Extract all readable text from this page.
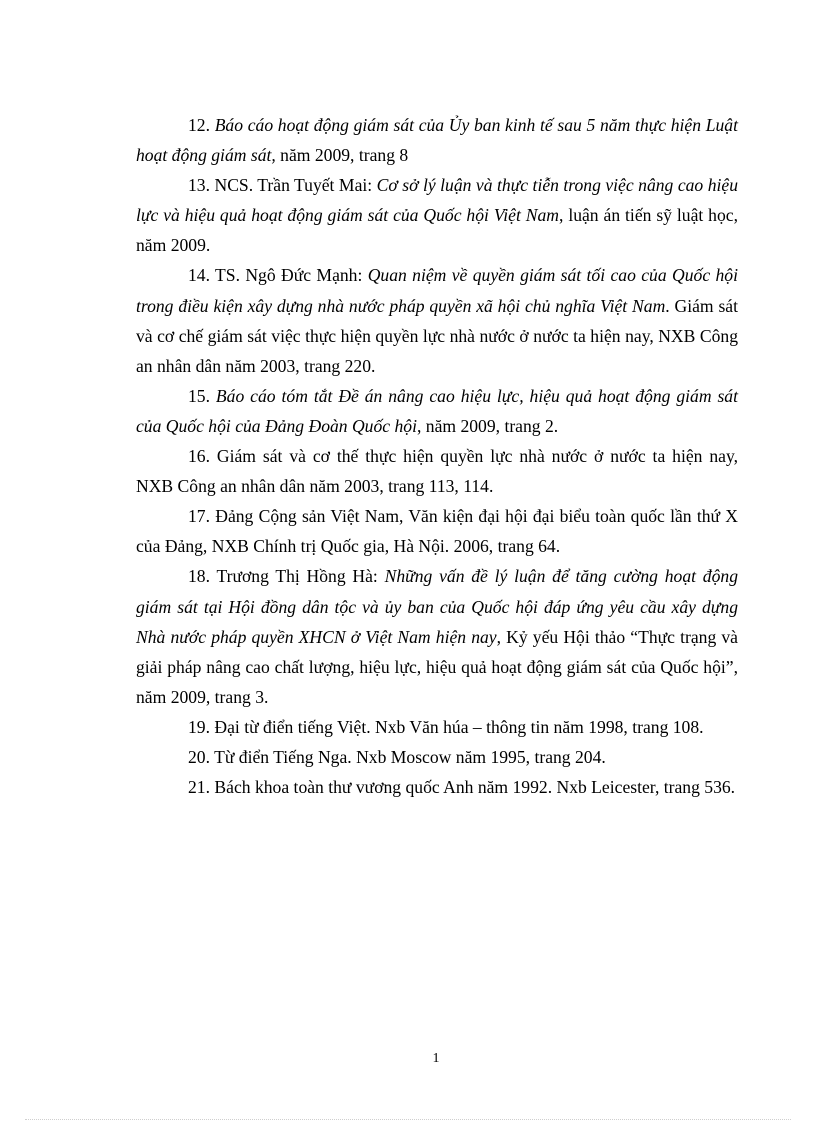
12. Báo cáo hoạt động giám sát của Ủy ban kinh tế sau 5 năm thực hiện Luật hoạt động giám sát, năm 2009, trang 8

13. NCS. Trần Tuyết Mai: Cơ sở lý luận và thực tiễn trong việc nâng cao hiệu lực và hiệu quả hoạt động giám sát của Quốc hội Việt Nam, luận án tiến sỹ luật học, năm 2009.

14. TS. Ngô Đức Mạnh: Quan niệm về quyền giám sát tối cao của Quốc hội trong điều kiện xây dựng nhà nước pháp quyền xã hội chủ nghĩa Việt Nam. Giám sát và cơ chế giám sát việc thực hiện quyền lực nhà nước ở nước ta hiện nay, NXB Công an nhân dân năm 2003, trang 220.

15. Báo cáo tóm tắt Đề án nâng cao hiệu lực, hiệu quả hoạt động giám sát của Quốc hội của Đảng Đoàn Quốc hội, năm 2009, trang 2.

16. Giám sát và cơ thế thực hiện quyền lực nhà nước ở nước ta hiện nay, NXB Công an nhân dân năm 2003, trang 113, 114.

17. Đảng Cộng sản Việt Nam, Văn kiện đại hội đại biểu toàn quốc lần thứ X của Đảng, NXB Chính trị Quốc gia, Hà Nội. 2006, trang 64.

18. Trương Thị Hồng Hà: Những vấn đề lý luận để tăng cường hoạt động giám sát tại Hội đồng dân tộc và ủy ban của Quốc hội đáp ứng yêu cầu xây dựng Nhà nước pháp quyền XHCN ở Việt Nam hiện nay, Kỷ yếu Hội thảo “Thực trạng và giải pháp nâng cao chất lượng, hiệu lực, hiệu quả hoạt động giám sát của Quốc hội”, năm 2009, trang 3.

19. Đại từ điển tiếng Việt. Nxb Văn húa – thông tin năm 1998, trang 108.

20. Từ điển Tiếng Nga. Nxb Moscow năm 1995, trang 204.

21. Bách khoa toàn thư vương quốc Anh năm 1992. Nxb Leicester, trang 536.

1
